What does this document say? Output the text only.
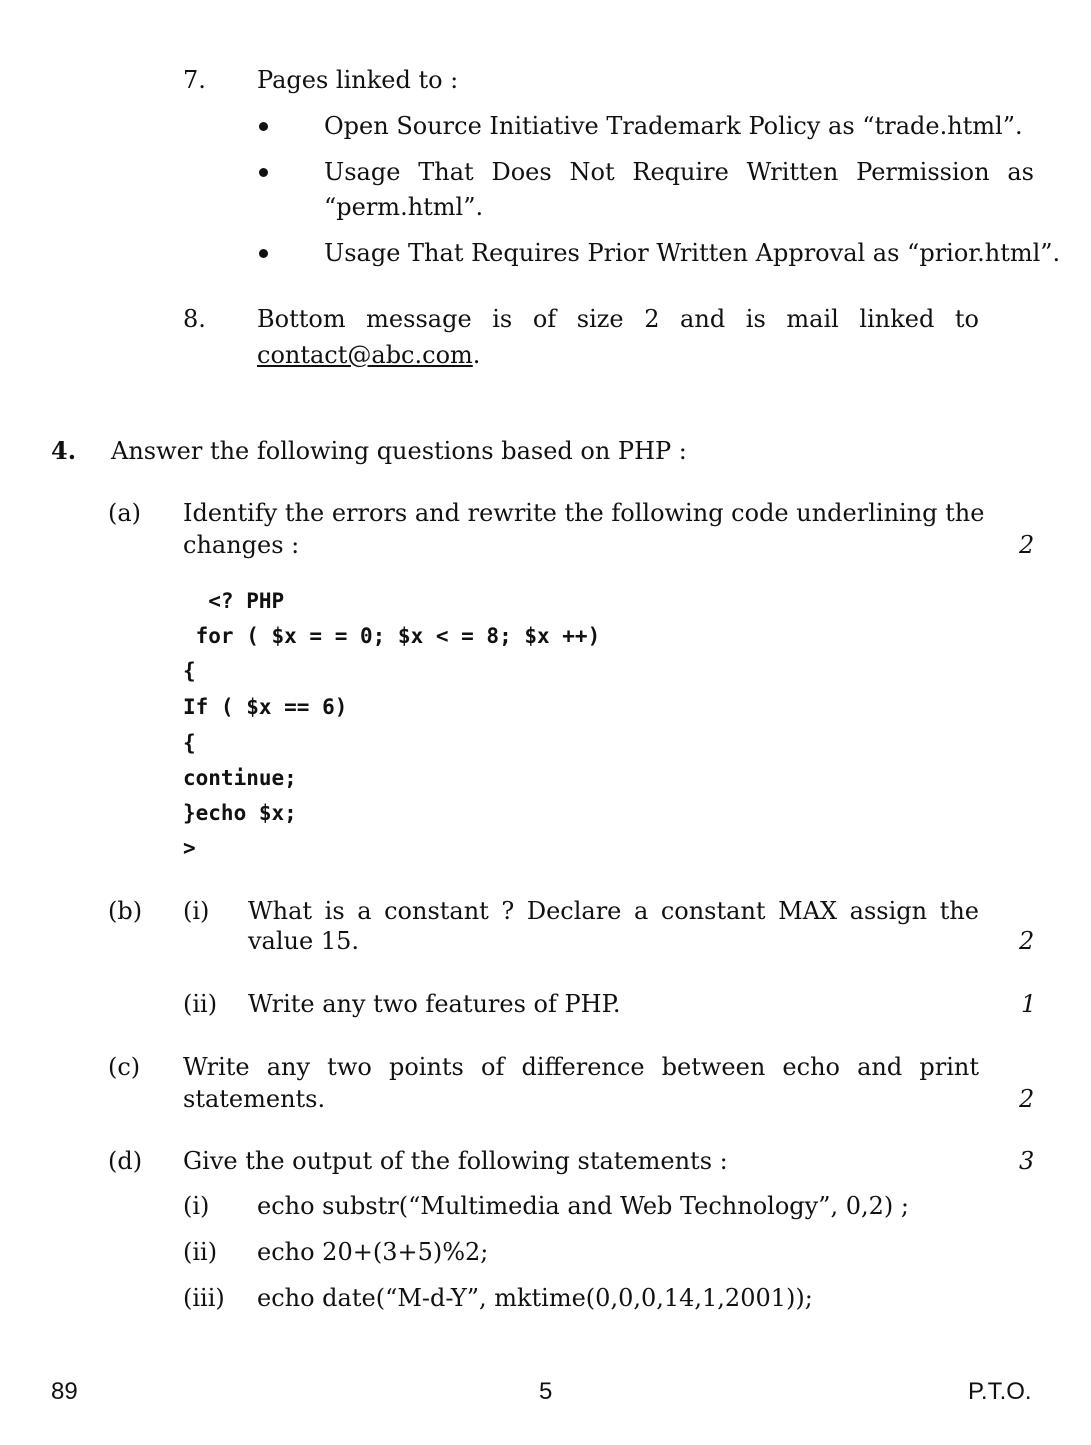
7. Pages linked to :
Open Source Initiative Trademark Policy as “trade.html”.
Usage That Does Not Require Written Permission as
“perm.html”.
Usage That Requires Prior Written Approval as “prior.html”.
8. Bottom message is of size 2 and is mail linked to
contact@abc.com.
4. Answer the following questions based on PHP :
(a) Identify the errors and rewrite the following code underlining the
changes :	2
<? PHP
for ( $x = = 0; $x < = 8; $x ++)
{
If ( $x == 6)
{
continue;
}echo $x;
>
(b) (i) What is a constant ? Declare a constant MAX assign the
value 15.	2
(ii) Write any two features of PHP.	1
(c) Write any two points of difference between echo and print
statements.	2
(d) Give the output of the following statements :	3
(i) echo substr(“Multimedia and Web Technology”, 0,2) ;
(ii) echo 20+(3+5)%2;
(iii) echo date(“M-d-Y”, mktime(0,0,0,14,1,2001));
89	5	P.T.O.
